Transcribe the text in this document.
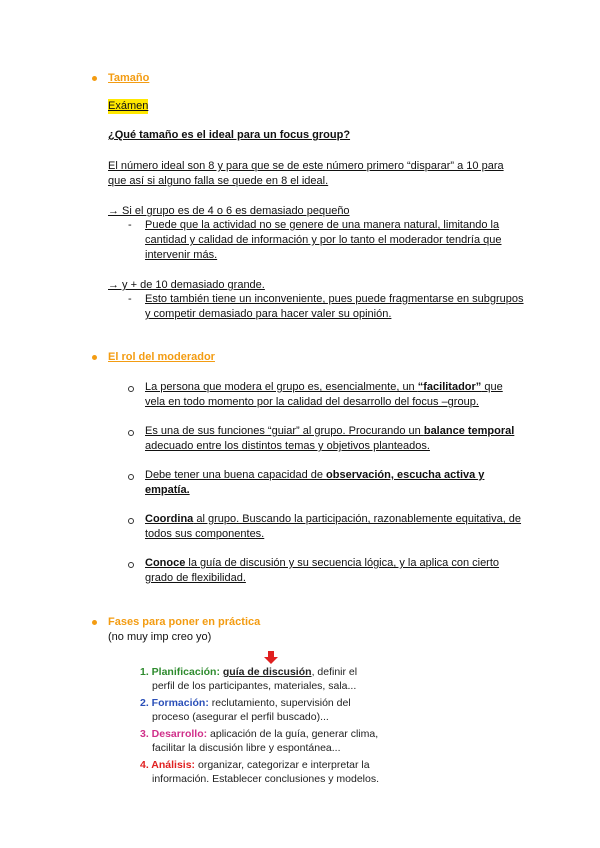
Tamaño
Exámen
¿Qué tamaño es el ideal para un focus group?
El número ideal son 8 y para que se de este número primero “disparar” a 10 para
que así si alguno falla se quede en 8 el ideal.
→ Si el grupo es de 4 o 6 es demasiado pequeño
- Puede que la actividad no se genere de una manera natural, limitando la
cantidad y calidad de información y por lo tanto el moderador tendría que
intervenir más.
→ y + de 10 demasiado grande.
- Esto también tiene un inconveniente, pues puede fragmentarse en subgrupos
y competir demasiado para hacer valer su opinión.
El rol del moderador
La persona que modera el grupo es, esencialmente, un “facilitador” que
vela en todo momento por la calidad del desarrollo del focus –group.
Es una de sus funciones “guiar” al grupo. Procurando un balance temporal
adecuado entre los distintos temas y objetivos planteados.
Debe tener una buena capacidad de observación, escucha activa y
empatía.
Coordina al grupo. Buscando la participación, razonablemente equitativa, de
todos sus componentes.
Conoce la guía de discusión y su secuencia lógica, y la aplica con cierto
grado de flexibilidad.
Fases para poner en práctica
(no muy imp creo yo)
1. Planificación: guía de discusión, definir el
perfil de los participantes, materiales, sala...
2. Formación: reclutamiento, supervisión del
proceso (asegurar el perfil buscado)...
3. Desarrollo: aplicación de la guía, generar clima,
facilitar la discusión libre y espontánea...
4. Análisis: organizar, categorizar e interpretar la
información. Establecer conclusiones y modelos.
